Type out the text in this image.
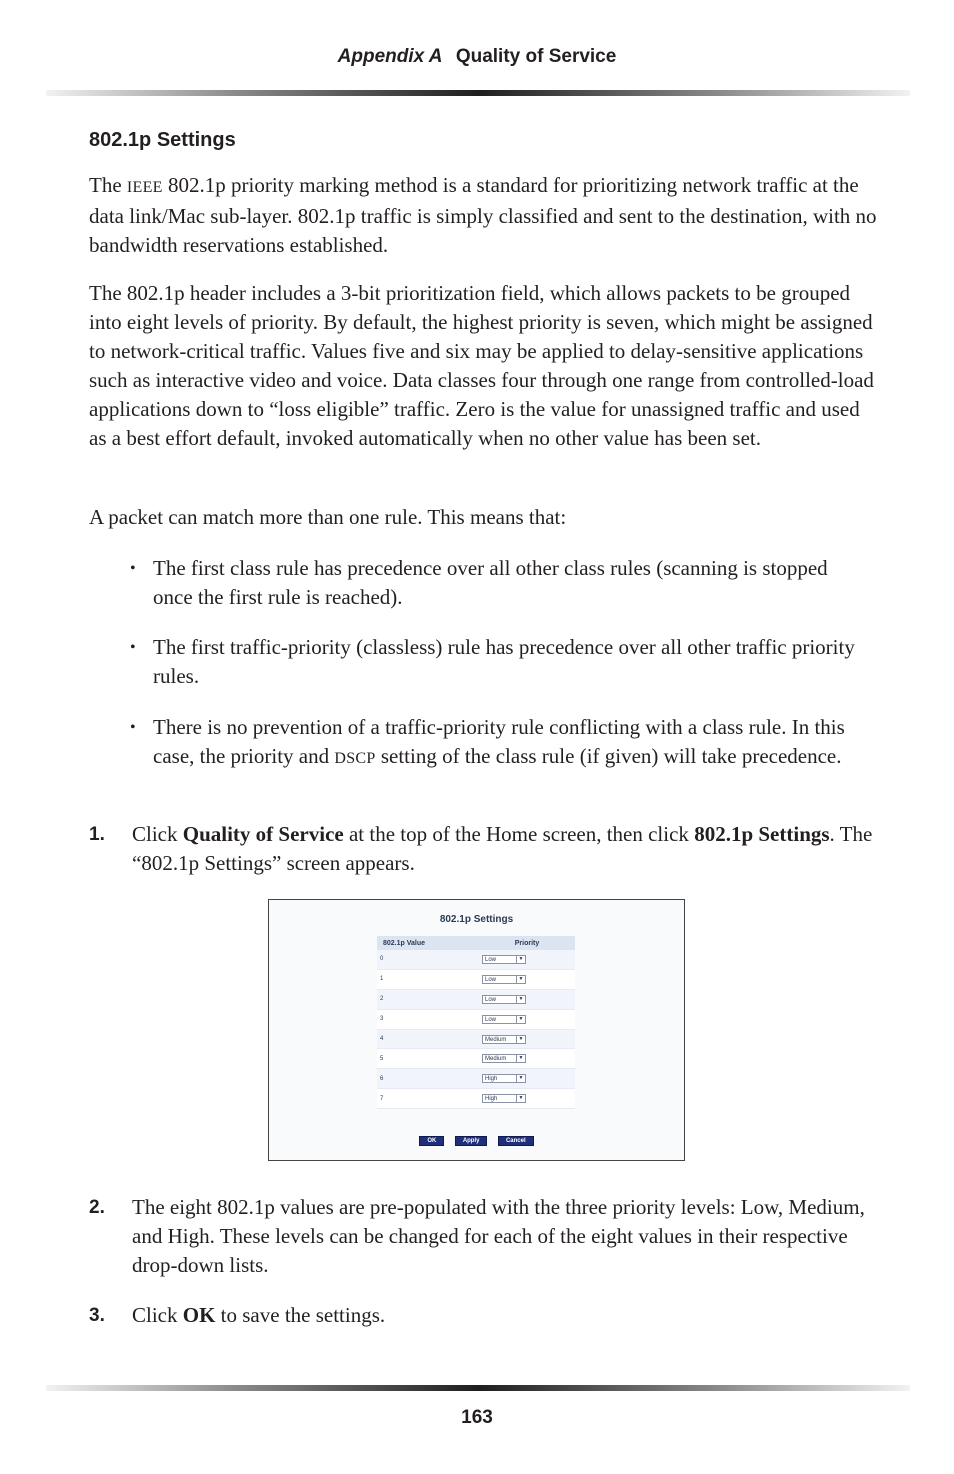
Appendix A Quality of Service
802.1p Settings

The IEEE 802.1p priority marking method is a standard for prioritizing network traffic at the data link/Mac sub-layer. 802.1p traffic is simply classified and sent to the destination, with no bandwidth reservations established.

The 802.1p header includes a 3-bit prioritization field, which allows packets to be grouped into eight levels of priority. By default, the highest priority is seven, which might be assigned to network-critical traffic. Values five and six may be applied to delay-sensitive applications such as interactive video and voice. Data classes four through one range from controlled-load applications down to “loss eligible” traffic. Zero is the value for unassigned traffic and used as a best effort default, invoked automatically when no other value has been set.

A packet can match more than one rule. This means that:

• The first class rule has precedence over all other class rules (scanning is stopped once the first rule is reached).
• The first traffic-priority (classless) rule has precedence over all other traffic priority rules.
• There is no prevention of a traffic-priority rule conflicting with a class rule. In this case, the priority and DSCP setting of the class rule (if given) will take precedence.
1. Click Quality of Service at the top of the Home screen, then click 802.1p Settings. The “802.1p Settings” screen appears.
802.1p Settings
802.1p Value	Priority
0	Low ▼

1	Low ▼

2	Low ▼

3	Low ▼

4	Medium ▼

5	Medium ▼

6	High ▼

7	High ▼
OK	Apply	Cancel
2. The eight 802.1p values are pre-populated with the three priority levels: Low, Medium, and High. These levels can be changed for each of the eight values in their respective drop-down lists.
3. Click OK to save the settings.
163
